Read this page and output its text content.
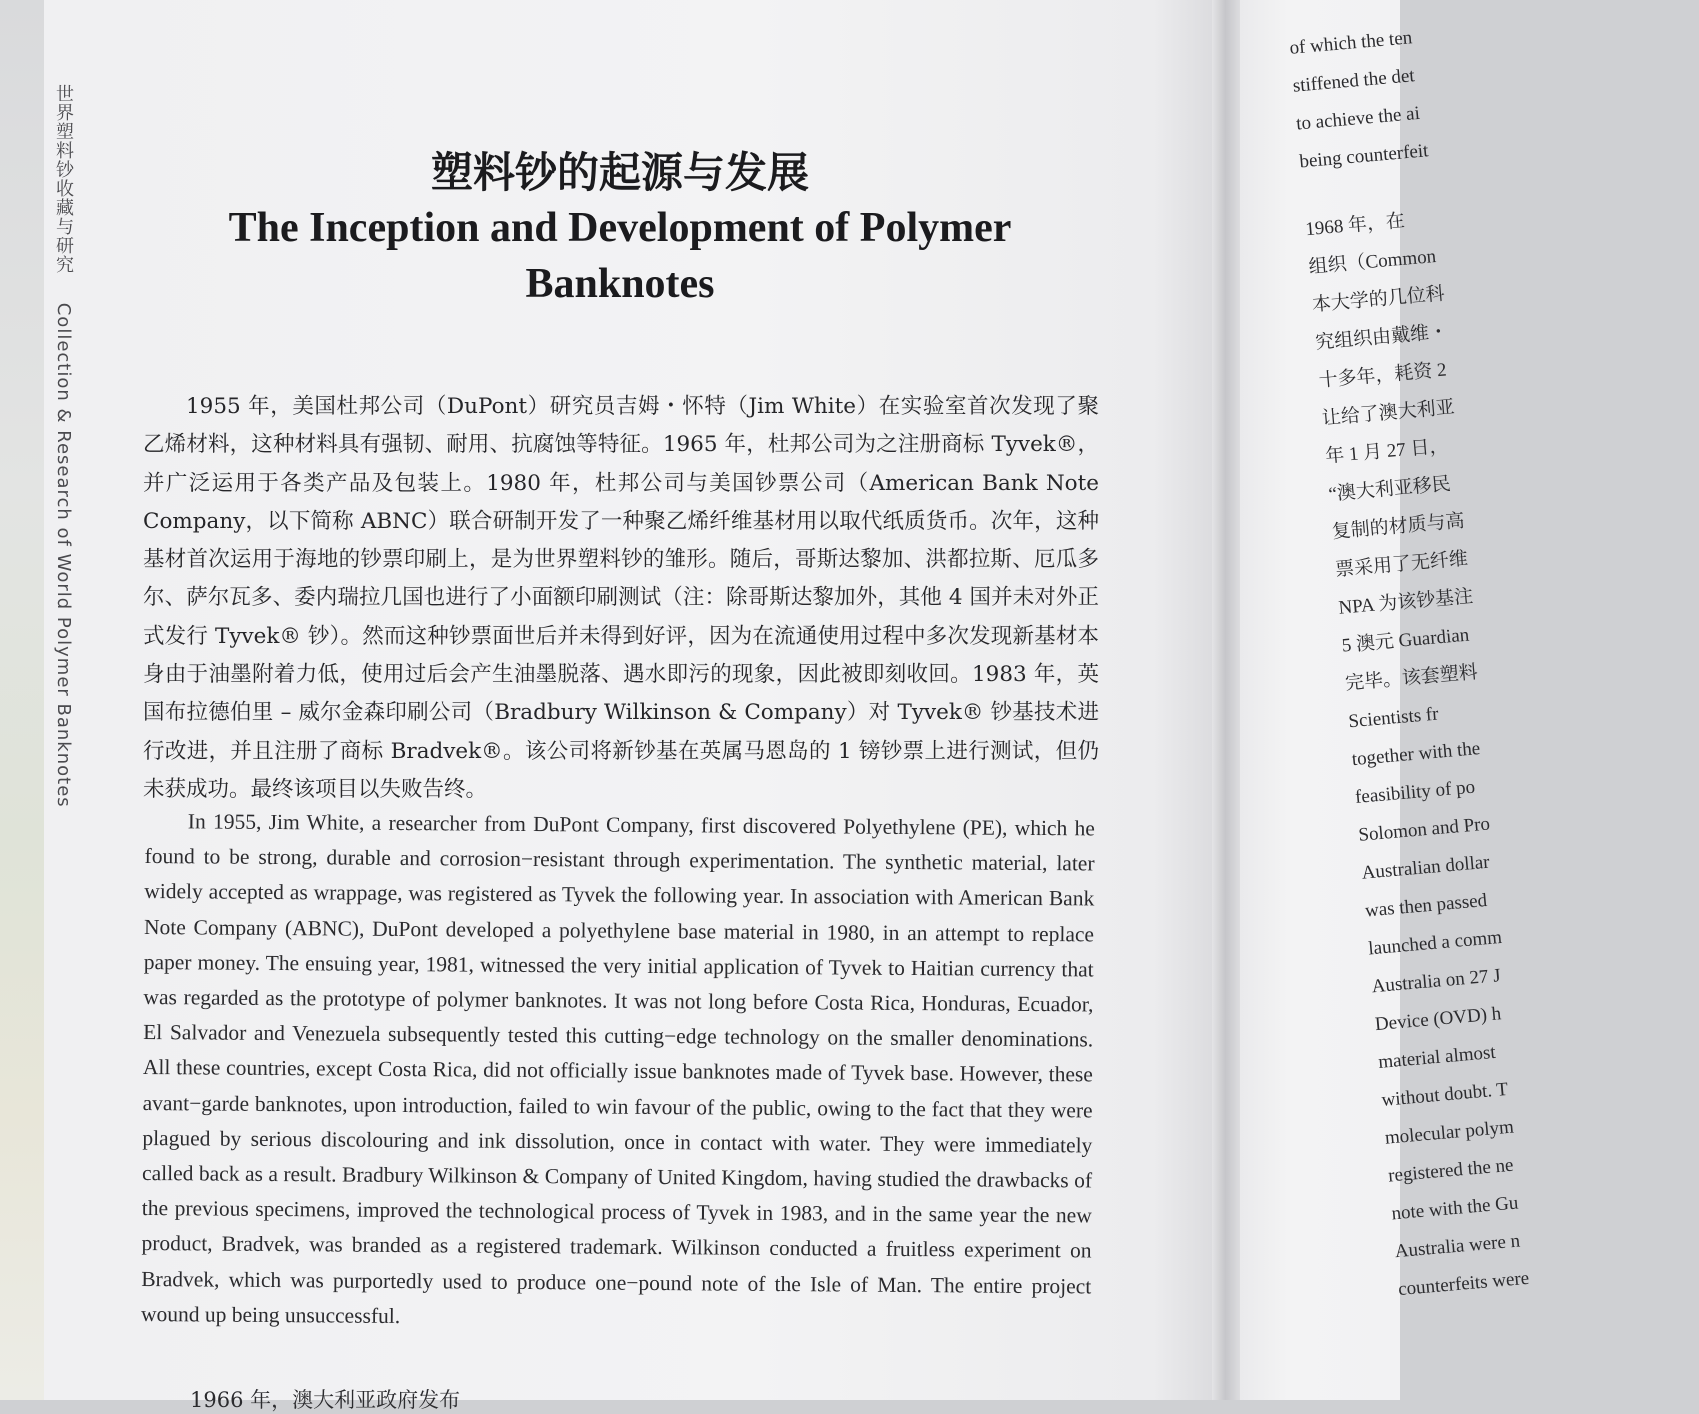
世界塑料钞收藏与研究 Collection & Research of World Polymer Banknotes
塑料钞的起源与发展
The Inception and Development of Polymer Banknotes

1955 年，美国杜邦公司（DuPont）研究员吉姆・怀特（Jim White）在实验室首次发现了聚乙烯材料，这种材料具有强韧、耐用、抗腐蚀等特征。1965 年，杜邦公司为之注册商标 Tyvek®，并广泛运用于各类产品及包装上。1980 年，杜邦公司与美国钞票公司（American Bank Note Company，以下简称 ABNC）联合研制开发了一种聚乙烯纤维基材用以取代纸质货币。次年，这种基材首次运用于海地的钞票印刷上，是为世界塑料钞的雏形。随后，哥斯达黎加、洪都拉斯、厄瓜多尔、萨尔瓦多、委内瑞拉几国也进行了小面额印刷测试（注：除哥斯达黎加外，其他 4 国并未对外正式发行 Tyvek® 钞）。然而这种钞票面世后并未得到好评，因为在流通使用过程中多次发现新基材本身由于油墨附着力低，使用过后会产生油墨脱落、遇水即污的现象，因此被即刻收回。1983 年，英国布拉德伯里 – 威尔金森印刷公司（Bradbury Wilkinson & Company）对 Tyvek® 钞基技术进行改进，并且注册了商标 Bradvek®。该公司将新钞基在英属马恩岛的 1 镑钞票上进行测试，但仍未获成功。最终该项目以失败告终。

In 1955, Jim White, a researcher from DuPont Company, first discovered Polyethylene (PE), which he found to be strong, durable and corrosion−resistant through experimentation. The synthetic material, later widely accepted as wrappage, was registered as Tyvek the following year. In association with American Bank Note Company (ABNC), DuPont developed a polyethylene base material in 1980, in an attempt to replace paper money. The ensuing year, 1981, witnessed the very initial application of Tyvek to Haitian currency that was regarded as the prototype of polymer banknotes. It was not long before Costa Rica, Honduras, Ecuador, El Salvador and Venezuela subsequently tested this cutting−edge technology on the smaller denominations. All these countries, except Costa Rica, did not officially issue banknotes made of Tyvek base. However, these avant−garde banknotes, upon introduction, failed to win favour of the public, owing to the fact that they were plagued by serious discolouring and ink dissolution, once in contact with water. They were immediately called back as a result. Bradbury Wilkinson & Company of United Kingdom, having studied the drawbacks of the previous specimens, improved the technological process of Tyvek in 1983, and in the same year the new product, Bradvek, was branded as a registered trademark. Wilkinson conducted a fruitless experiment on Bradvek, which was purportedly used to produce one−pound note of the Isle of Man. The entire project wound up being unsuccessful.

1966 年，澳大利亚政府发布
of which the ten
stiffened the det
to achieve the ai
being counterfeit
1968 年，在
组织（Common
本大学的几位科
究组织由戴维・
十多年，耗资 2
让给了澳大利亚
年 1 月 27 日，
“澳大利亚移民
复制的材质与高
票采用了无纤维
NPA 为该钞基注
5 澳元 Guardian
完毕。该套塑料
Scientists fr
together with the
feasibility of po
Solomon and Pro
Australian dollar
was then passed
launched a comm
Australia on 27 J
Device (OVD) h
material almost
without doubt. T
molecular polym
registered the ne
note with the Gu
Australia were n
counterfeits were
